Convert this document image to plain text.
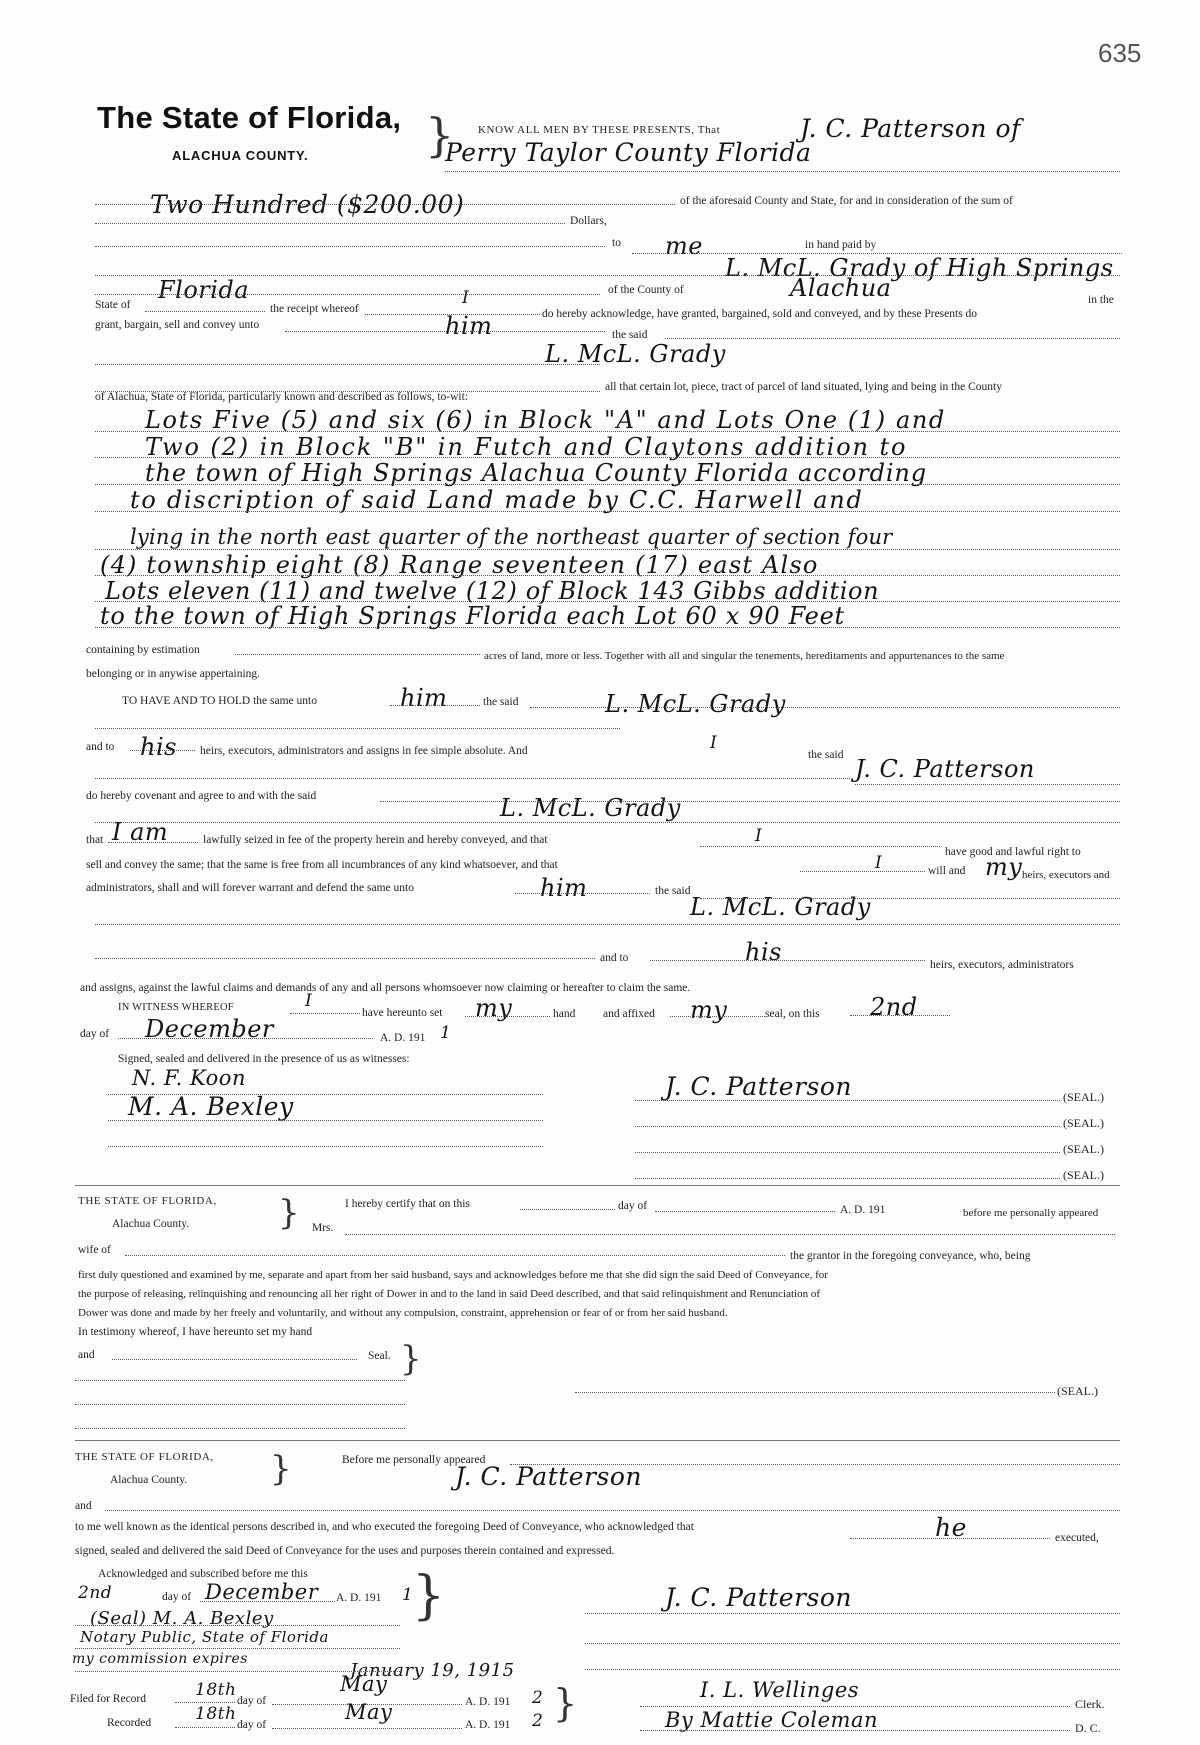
635
The State of Florida,
ALACHUA COUNTY.	} KNOW ALL MEN BY THESE PRESENTS, That	J. C. Patterson of
Perry Taylor County Florida
Two Hundred ($200.00)	of the aforesaid County and State, for and in consideration of the sum of
Dollars,
to me	in hand paid by
L. McL. Grady of High Springs
Florida	of the County of	Alachua
State of	the receipt whereof
I
do hereby acknowledge, have granted, bargained, sold and conveyed, and by these Presents do
in the
grant, bargain, sell and convey unto	him	the said
L. McL. Grady
all that certain lot, piece, tract of parcel of land situated, lying and being in the County
of Alachua, State of Florida, particularly known and described as follows, to-wit:
Lots Five (5) and six (6) in Block "A" and Lots One (1) and
Two (2) in Block "B" in Futch and Claytons addition to
the town of High Springs Alachua County Florida according
to discription of said Land made by C.C. Harwell and
lying in the north east quarter of the northeast quarter of section four
(4) township eight (8) Range seventeen (17) east Also
Lots eleven (11) and twelve (12) of Block 143 Gibbs addition
to the town of High Springs Florida each Lot 60 x 90 Feet
containing by estimation	acres of land, more or less. Together with all and singular the tenements, hereditaments and appurtenances to the same
belonging or in anywise appertaining.
TO HAVE AND TO HOLD the same unto	him	the said	L. McL. Grady
and to his heirs, executors, administrators and assigns in fee simple absolute. And	I
the said J. C. Patterson
do hereby covenant and agree to and with the said	L. McL. Grady
that I am	lawfully seized in fee of the property herein and hereby conveyed, and that	I
have good and lawful right to
sell and convey the same; that the same is free from all incumbrances of any kind whatsoever, and that	I	will and my heirs, executors and
administrators, shall and will forever warrant and defend the same unto	him	the said
L. McL. Grady
and to	his	heirs, executors, administrators
and assigns, against the lawful claims and demands of any and all persons whomsoever now claiming or hereafter to claim the same.
IN WITNESS WHEREOF	I
have hereunto set my	hand and affixed my	seal, on this 2nd
day of December	A. D. 191 1
Signed, sealed and delivered in the presence of us as witnesses:
N. F. Koon
M. A. Bexley
J. C. Patterson	(SEAL.)
(SEAL.)
(SEAL.)
(SEAL.)
THE STATE OF FLORIDA,
Alachua County.	}	I hereby certify that on this	day of	A. D. 191	before me personally appeared
Mrs.
wife of	the grantor in the foregoing conveyance, who, being
first duly questioned and examined by me, separate and apart from her said husband, says and acknowledges before me that she did sign the said Deed of Conveyance, for
the purpose of releasing, relinquishing and renouncing all her right of Dower in and to the land in said Deed described, and that said relinquishment and Renunciation of
Dower was done and made by her freely and voluntarily, and without any compulsion, constraint, apprehension or fear of or from her said husband.
In testimony whereof, I have hereunto set my hand
and	Seal. }
(SEAL.)
THE STATE OF FLORIDA,
Alachua County. }	Before me personally appeared
J. C. Patterson
and
to me well known as the identical persons described in, and who executed the foregoing Deed of Conveyance, who acknowledged that	he	executed,
signed, sealed and delivered the said Deed of Conveyance for the uses and purposes therein contained and expressed.
Acknowledged and subscribed before me this
2nd	day of December A. D. 191 1
}
(Seal) M. A. Bexley
Notary Public, State of Florida
my commission expires
January 19, 1915
J. C. Patterson
Filed for Record	18th
day of
May
A. D. 191 2 }
Recorded	18th
day of
May
A. D. 191 2
I. L. Wellinges
Clerk.
By Mattie Coleman	D. C.
